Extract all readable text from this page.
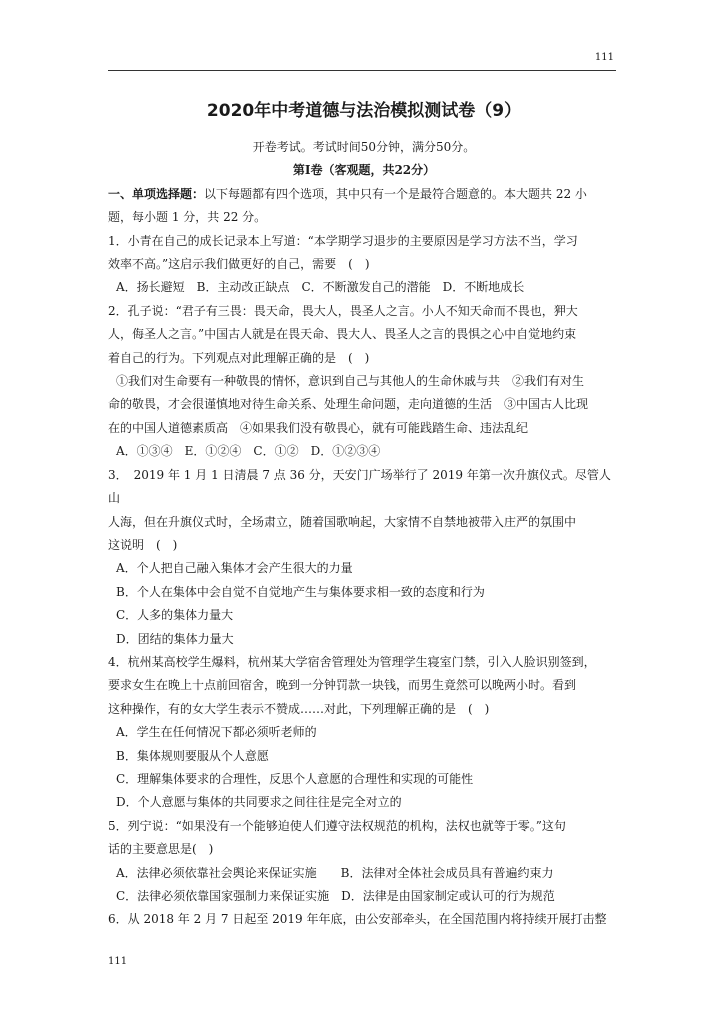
111

2020年中考道德与法治模拟测试卷（9）

开卷考试。考试时间50分钟，满分50分。

第Ⅰ卷（客观题，共22分）

一、单项选择题：以下每题都有四个选项，其中只有一个是最符合题意的。本大题共 22 小

题，每小题 1 分，共 22 分。

1．小青在自己的成长记录本上写道：“本学期学习退步的主要原因是学习方法不当，学习

效率不高。”这启示我们做更好的自己，需要　(　)

A．扬长避短　B．主动改正缺点　C．不断激发自己的潜能　D．不断地成长

2．孔子说：“君子有三畏：畏天命，畏大人，畏圣人之言。小人不知天命而不畏也，狎大

人，侮圣人之言。”中国古人就是在畏天命、畏大人、畏圣人之言的畏惧之心中自觉地约束

着自己的行为。下列观点对此理解正确的是　(　)

①我们对生命要有一种敬畏的情怀，意识到自己与其他人的生命休戚与共　②我们有对生

命的敬畏，才会很谨慎地对待生命关系、处理生命问题，走向道德的生活　③中国古人比现

在的中国人道德素质高　④如果我们没有敬畏心，就有可能践踏生命、违法乱纪

A．①③④　E．①②④　C．①②　D．①②③④

3．　2019 年 1 月 1 日清晨 7 点 36 分，天安门广场举行了 2019 年第一次升旗仪式。尽管人山

人海，但在升旗仪式时，全场肃立，随着国歌响起，大家情不自禁地被带入庄严的氛围中

这说明　(　)

A．个人把自己融入集体才会产生很大的力量

B．个人在集体中会自觉不自觉地产生与集体要求相一致的态度和行为

C．人多的集体力量大

D．团结的集体力量大

4．杭州某高校学生爆料，杭州某大学宿舍管理处为管理学生寝室门禁，引入人脸识别签到，

要求女生在晚上十点前回宿舍，晚到一分钟罚款一块钱，而男生竟然可以晚两小时。看到

这种操作，有的女大学生表示不赞成……对此，下列理解正确的是　(　)

A．学生在任何情况下都必须听老师的

B．集体规则要服从个人意愿

C．理解集体要求的合理性，反思个人意愿的合理性和实现的可能性

D．个人意愿与集体的共同要求之间往往是完全对立的

5．列宁说：“如果没有一个能够迫使人们遵守法权规范的机构，法权也就等于零。”这句

话的主要意思是(　)

A．法律必须依靠社会舆论来保证实施　　B．法律对全体社会成员具有普遍约束力

C．法律必须依靠国家强制力来保证实施　D．法律是由国家制定或认可的行为规范

6．从 2018 年 2 月 7 日起至 2019 年年底，由公安部牵头，在全国范围内将持续开展打击整

111
